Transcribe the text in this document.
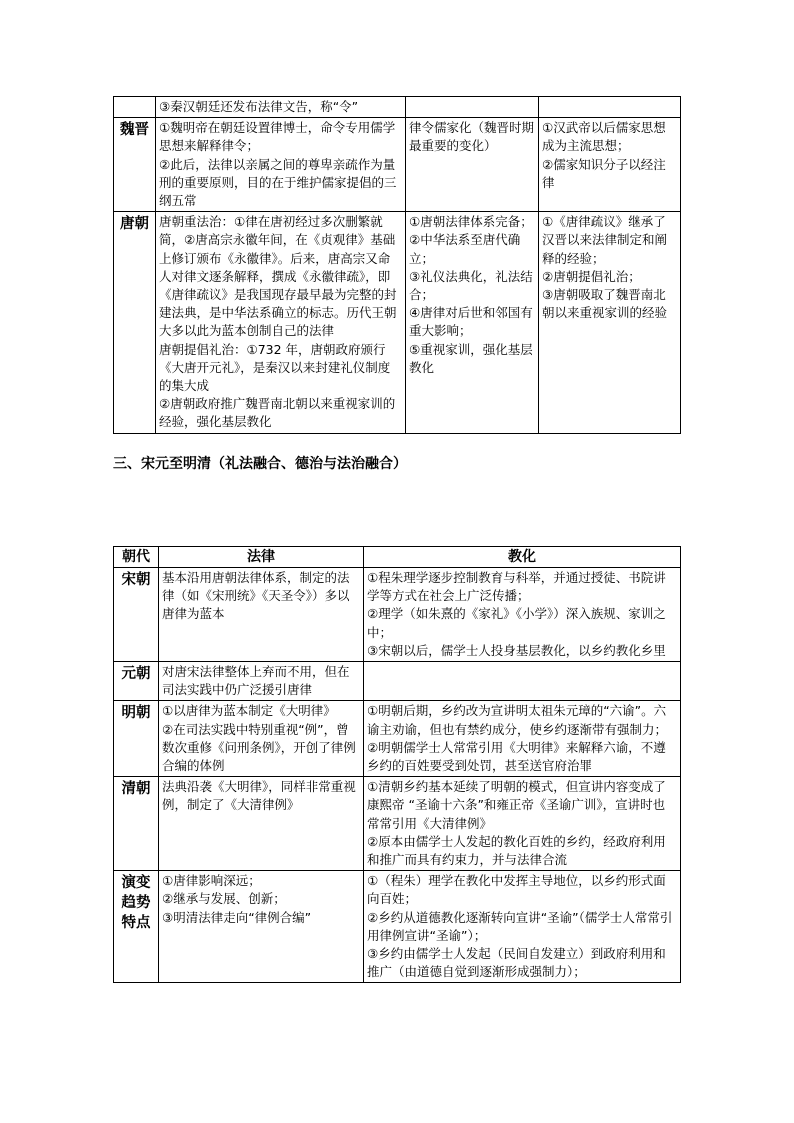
	③秦汉朝廷还发布法律文告，称“令”		

魏晋	①魏明帝在朝廷设置律博士，命令专用儒学思想来解释律令；
②此后，法律以亲属之间的尊卑亲疏作为量刑的重要原则，目的在于维护儒家提倡的三纲五常	律令儒家化（魏晋时期最重要的变化）	①汉武帝以后儒家思想成为主流思想；
②儒家知识分子以经注律

唐朝	唐朝重法治：①律在唐初经过多次删繁就简，②唐高宗永徽年间，在《贞观律》基础上修订颁布《永徽律》。后来，唐高宗又命人对律文逐条解释，撰成《永徽律疏》，即《唐律疏议》是我国现存最早最为完整的封建法典，是中华法系确立的标志。历代王朝大多以此为蓝本创制自己的法律
唐朝提倡礼治：①732 年，唐朝政府颁行《大唐开元礼》，是秦汉以来封建礼仪制度的集大成
②唐朝政府推广魏晋南北朝以来重视家训的经验，强化基层教化	①唐朝法律体系完备；
②中华法系至唐代确立；
③礼仪法典化，礼法结合；
④唐律对后世和邻国有重大影响；
⑤重视家训，强化基层教化	①《唐律疏议》继承了汉晋以来法律制定和阐释的经验；
②唐朝提倡礼治；
③唐朝吸取了魏晋南北朝以来重视家训的经验
三、宋元至明清（礼法融合、德治与法治融合）
朝代	法律	教化
宋朝	基本沿用唐朝法律体系，制定的法律（如《宋刑统》《天圣令》）多以唐律为蓝本	①程朱理学逐步控制教育与科举，并通过授徒、书院讲学等方式在社会上广泛传播；
②理学（如朱熹的《家礼》《小学》）深入族规、家训之中；
③宋朝以后，儒学士人投身基层教化，以乡约教化乡里

元朝	对唐宋法律整体上弃而不用，但在司法实践中仍广泛援引唐律	

明朝	①以唐律为蓝本制定《大明律》
②在司法实践中特别重视“例”，曾数次重修《问刑条例》，开创了律例合编的体例	①明朝后期，乡约改为宣讲明太祖朱元璋的“六谕”。六谕主劝谕，但也有禁约成分，使乡约逐渐带有强制力；
②明朝儒学士人常常引用《大明律》来解释六谕，不遵乡约的百姓要受到处罚，甚至送官府治罪

清朝	法典沿袭《大明律》，同样非常重视例，制定了《大清律例》	①清朝乡约基本延续了明朝的模式，但宣讲内容变成了康熙帝 “圣谕十六条”和雍正帝《圣谕广训》，宣讲时也常常引用《大清律例》
②原本由儒学士人发起的教化百姓的乡约，经政府利用和推广而具有约束力，并与法律合流

演变趋势特点	①唐律影响深远；
②继承与发展、创新；
③明清法律走向“律例合编”	①（程朱）理学在教化中发挥主导地位，以乡约形式面向百姓；
②乡约从道德教化逐渐转向宣讲“圣谕”（儒学士人常常引用律例宣讲“圣谕”）；
③乡约由儒学士人发起（民间自发建立）到政府利用和推广（由道德自觉到逐渐形成强制力）；
